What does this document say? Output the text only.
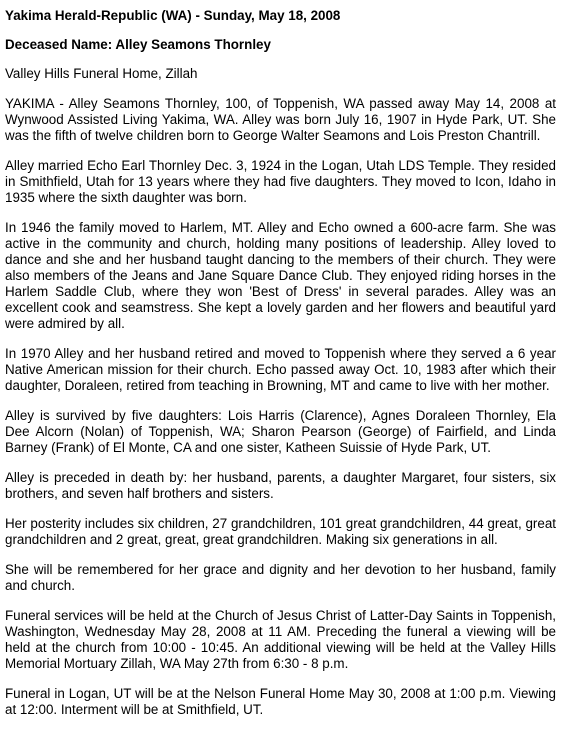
Yakima Herald-Republic (WA) - Sunday, May 18, 2008

Deceased Name: Alley Seamons Thornley

Valley Hills Funeral Home, Zillah

YAKIMA - Alley Seamons Thornley, 100, of Toppenish, WA passed away May 14, 2008 at Wynwood Assisted Living Yakima, WA. Alley was born July 16, 1907 in Hyde Park, UT. She was the fifth of twelve children born to George Walter Seamons and Lois Preston Chantrill.

Alley married Echo Earl Thornley Dec. 3, 1924 in the Logan, Utah LDS Temple. They resided in Smithfield, Utah for 13 years where they had five daughters. They moved to Icon, Idaho in 1935 where the sixth daughter was born.

In 1946 the family moved to Harlem, MT. Alley and Echo owned a 600-acre farm. She was active in the community and church, holding many positions of leadership. Alley loved to dance and she and her husband taught dancing to the members of their church. They were also members of the Jeans and Jane Square Dance Club. They enjoyed riding horses in the Harlem Saddle Club, where they won 'Best of Dress' in several parades. Alley was an excellent cook and seamstress. She kept a lovely garden and her flowers and beautiful yard were admired by all.

In 1970 Alley and her husband retired and moved to Toppenish where they served a 6 year Native American mission for their church. Echo passed away Oct. 10, 1983 after which their daughter, Doraleen, retired from teaching in Browning, MT and came to live with her mother.

Alley is survived by five daughters: Lois Harris (Clarence), Agnes Doraleen Thornley, Ela Dee Alcorn (Nolan) of Toppenish, WA; Sharon Pearson (George) of Fairfield, and Linda Barney (Frank) of El Monte, CA and one sister, Katheen Suissie of Hyde Park, UT.

Alley is preceded in death by: her husband, parents, a daughter Margaret, four sisters, six brothers, and seven half brothers and sisters.

Her posterity includes six children, 27 grandchildren, 101 great grandchildren, 44 great, great grandchildren and 2 great, great, great grandchildren. Making six generations in all.

She will be remembered for her grace and dignity and her devotion to her husband, family and church.

Funeral services will be held at the Church of Jesus Christ of Latter-Day Saints in Toppenish, Washington, Wednesday May 28, 2008 at 11 AM. Preceding the funeral a viewing will be held at the church from 10:00 - 10:45. An additional viewing will be held at the Valley Hills Memorial Mortuary Zillah, WA May 27th from 6:30 - 8 p.m.

Funeral in Logan, UT will be at the Nelson Funeral Home May 30, 2008 at 1:00 p.m. Viewing at 12:00. Interment will be at Smithfield, UT.
